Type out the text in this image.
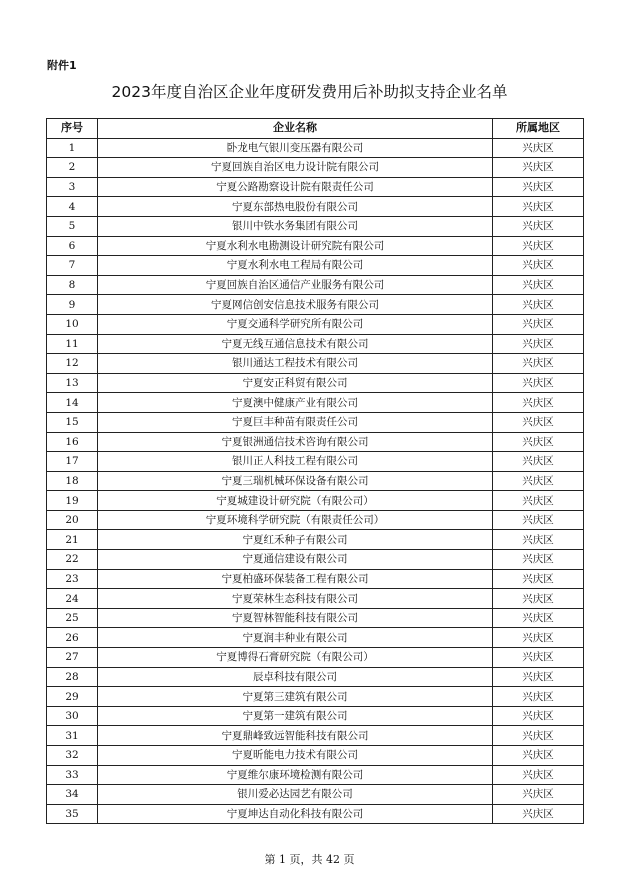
附件1
2023年度自治区企业年度研发费用后补助拟支持企业名单
序号	企业名称	所属地区
1	卧龙电气银川变压器有限公司	兴庆区
2	宁夏回族自治区电力设计院有限公司	兴庆区
3	宁夏公路勘察设计院有限责任公司	兴庆区
4	宁夏东部热电股份有限公司	兴庆区
5	银川中铁水务集团有限公司	兴庆区
6	宁夏水利水电勘测设计研究院有限公司	兴庆区
7	宁夏水利水电工程局有限公司	兴庆区
8	宁夏回族自治区通信产业服务有限公司	兴庆区
9	宁夏网信创安信息技术服务有限公司	兴庆区
10	宁夏交通科学研究所有限公司	兴庆区
11	宁夏无线互通信息技术有限公司	兴庆区
12	银川通达工程技术有限公司	兴庆区
13	宁夏安正科贸有限公司	兴庆区
14	宁夏澳中健康产业有限公司	兴庆区
15	宁夏巨丰种苗有限责任公司	兴庆区
16	宁夏银洲通信技术咨询有限公司	兴庆区
17	银川正人科技工程有限公司	兴庆区
18	宁夏三瑞机械环保设备有限公司	兴庆区
19	宁夏城建设计研究院（有限公司）	兴庆区
20	宁夏环境科学研究院（有限责任公司）	兴庆区
21	宁夏红禾种子有限公司	兴庆区
22	宁夏通信建设有限公司	兴庆区
23	宁夏柏盛环保装备工程有限公司	兴庆区
24	宁夏荣林生态科技有限公司	兴庆区
25	宁夏智林智能科技有限公司	兴庆区
26	宁夏润丰种业有限公司	兴庆区
27	宁夏博得石膏研究院（有限公司）	兴庆区
28	辰卓科技有限公司	兴庆区
29	宁夏第三建筑有限公司	兴庆区
30	宁夏第一建筑有限公司	兴庆区
31	宁夏鼎峰致远智能科技有限公司	兴庆区
32	宁夏昕能电力技术有限公司	兴庆区
33	宁夏维尔康环境检测有限公司	兴庆区
34	银川爱必达园艺有限公司	兴庆区
35	宁夏坤达自动化科技有限公司	兴庆区
第 1 页，共 42 页
